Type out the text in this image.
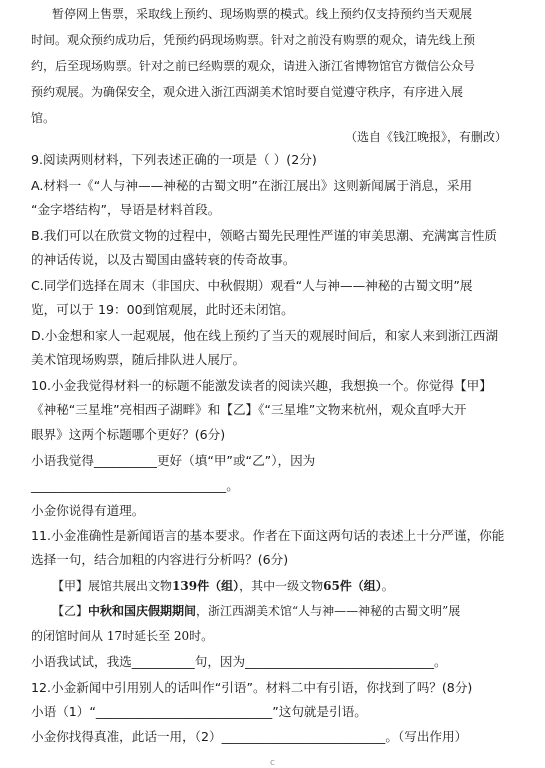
暂停网上售票，采取线上预约、现场购票的模式。线上预约仅支持预约当天观展
时间。观众预约成功后，凭预约码现场购票。针对之前没有购票的观众，请先线上预
约，后至现场购票。针对之前已经购票的观众，请进入浙江省博物馆官方微信公众号
预约观展。为确保安全，观众进入浙江西湖美术馆时要自觉遵守秩序，有序进入展
馆。
（选自《钱江晚报》，有删改）
9.阅读两则材料，下列表述正确的一项是（ ）(2分)
A.材料一《“人与神——神秘的古蜀文明”在浙江展出》这则新闻属于消息，采用
“金字塔结构”，导语是材料首段。
B.我们可以在欣赏文物的过程中，领略古蜀先民理性严谨的审美思潮、充满寓言性质
的神话传说，以及古蜀国由盛转衰的传奇故事。
C.同学们选择在周末（非国庆、中秋假期）观看“人与神——神秘的古蜀文明”展
览，可以于 19：00到馆观展，此时还未闭馆。
D.小金想和家人一起观展，他在线上预约了当天的观展时间后，和家人来到浙江西湖
美术馆现场购票，随后排队进人展厅。
10.小金我觉得材料一的标题不能激发读者的阅读兴趣，我想换一个。你觉得【甲】
《神秘“三星堆”亮相西子湖畔》和【乙】《“三星堆”文物来杭州，观众直呼大开
眼界》这两个标题哪个更好？(6分)
小语我觉得__________更好（填“甲”或“乙”），因为
_______________________________。
小金你说得有道理。
11.小金准确性是新闻语言的基本要求。作者在下面这两句话的表述上十分严谨，你能
选择一句，结合加粗的内容进行分析吗？(6分)
【甲】展馆共展出文物139件（组），其中一级文物65件（组）。
【乙】中秋和国庆假期期间，浙江西湖美术馆“人与神——神秘的古蜀文明”展
的闭馆时间从 17时延长至 20时。
小语我试试，我选__________句，因为______________________________。
12.小金新闻中引用别人的话叫作“引语”。材料二中有引语，你找到了吗？(8分)
小语（1）“____________________________”这句就是引语。
小金你找得真准，此话一用，（2）__________________________。（写出作用）
c
